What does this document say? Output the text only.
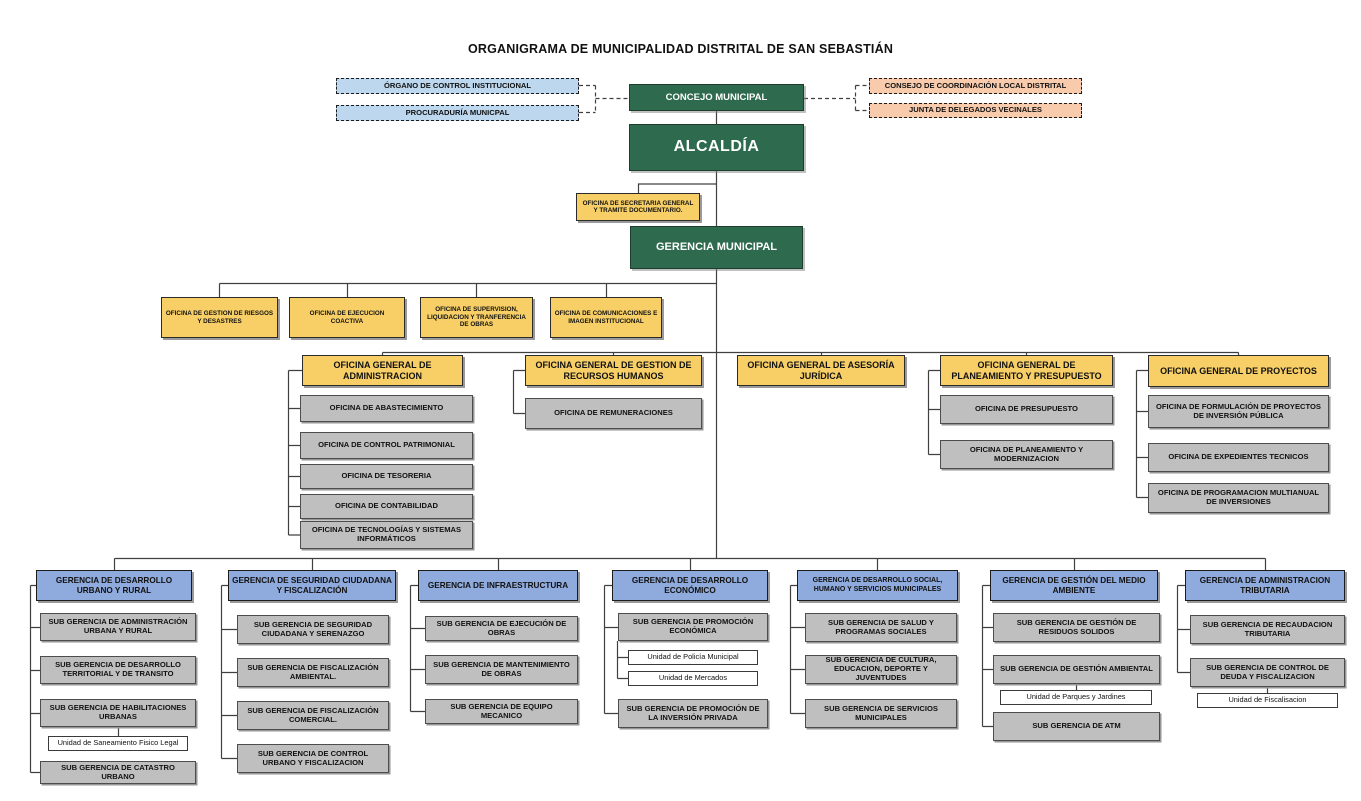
ORGANIGRAMA DE MUNICIPALIDAD DISTRITAL DE SAN SEBASTIÁN
ÓRGANO DE CONTROL INSTITUCIONAL
PROCURADURÍA MUNICPAL
CONCEJO MUNICIPAL
CONSEJO DE COORDINACIÓN LOCAL DISTRITAL
JUNTA DE DELEGADOS VECINALES
ALCALDÍA
OFICINA DE SECRETARIA GENERAL Y TRAMITE DOCUMENTARIO.
GERENCIA MUNICIPAL
OFICINA DE GESTION DE RIESGOS Y DESASTRES
OFICINA DE EJECUCION COACTIVA
OFICINA DE SUPERVISION, LIQUIDACION Y TRANFERENCIA DE OBRAS
OFICINA DE COMUNICACIONES E IMAGEN INSTITUCIONAL
OFICINA GENERAL DE ADMINISTRACION
OFICINA DE ABASTECIMIENTO
OFICINA DE CONTROL PATRIMONIAL
OFICINA DE TESORERIA
OFICINA DE CONTABILIDAD
OFICINA DE TECNOLOGÍAS Y SISTEMAS INFORMÁTICOS
OFICINA GENERAL DE GESTION DE RECURSOS HUMANOS
OFICINA DE REMUNERACIONES
OFICINA GENERAL DE ASESORÍA JURÍDICA
OFICINA GENERAL DE PLANEAMIENTO Y PRESUPUESTO
OFICINA DE PRESUPUESTO
OFICINA DE PLANEAMIENTO Y MODERNIZACION
OFICINA GENERAL DE PROYECTOS
OFICINA DE FORMULACIÓN DE PROYECTOS DE INVERSIÓN PÚBLICA
OFICINA DE EXPEDIENTES TECNICOS
OFICINA DE PROGRAMACION MULTIANUAL DE INVERSIONES
GERENCIA DE DESARROLLO URBANO Y RURAL
SUB GERENCIA DE ADMINISTRACIÓN URBANA Y RURAL
SUB GERENCIA DE DESARROLLO TERRITORIAL Y DE TRANSITO
SUB GERENCIA DE HABILITACIONES URBANAS
Unidad de Saneamiento Fisico Legal
SUB GERENCIA DE CATASTRO URBANO
GERENCIA DE SEGURIDAD CIUDADANA Y FISCALIZACIÓN
SUB GERENCIA DE SEGURIDAD CIUDADANA Y SERENAZGO
SUB GERENCIA DE FISCALIZACIÓN AMBIENTAL.
SUB GERENCIA DE FISCALIZACIÓN COMERCIAL.
SUB GERENCIA DE CONTROL URBANO Y FISCALIZACION
GERENCIA DE INFRAESTRUCTURA
SUB GERENCIA DE EJECUCIÓN DE OBRAS
SUB GERENCIA DE MANTENIMIENTO DE OBRAS
SUB GERENCIA DE EQUIPO MECANICO
GERENCIA DE DESARROLLO ECONÓMICO
SUB GERENCIA DE PROMOCIÓN ECONÓMICA
Unidad de Policía Municipal
Unidad de Mercados
SUB GERENCIA DE PROMOCIÓN DE LA INVERSIÓN PRIVADA
GERENCIA DE DESARROLLO SOCIAL, HUMANO Y SERVICIOS MUNICIPALES
SUB GERENCIA DE SALUD Y PROGRAMAS SOCIALES
SUB GERENCIA DE CULTURA, EDUCACION, DEPORTE Y JUVENTUDES
SUB GERENCIA DE SERVICIOS MUNICIPALES
GERENCIA DE GESTIÓN DEL MEDIO AMBIENTE
SUB GERENCIA DE GESTIÓN DE RESIDUOS SOLIDOS
SUB GERENCIA DE GESTIÓN AMBIENTAL
Unidad de Parques y Jardines
SUB GERENCIA DE ATM
GERENCIA DE ADMINISTRACION TRIBUTARIA
SUB GERENCIA DE RECAUDACION TRIBUTARIA
SUB GERENCIA DE CONTROL DE DEUDA Y FISCALIZACION
Unidad de Fiscalisacion
